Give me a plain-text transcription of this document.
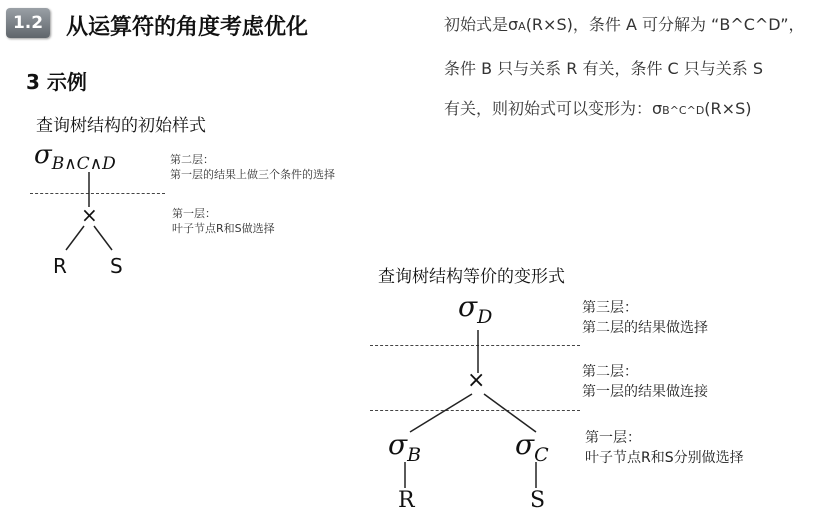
1.2	从运算符的角度考虑优化
3 示例
初始式是σA(R×S)，条件 A 可分解为 “B^C^D”，
条件 B 只与关系 R 有关，条件 C 只与关系 S
有关，则初始式可以变形为：σB^C^D(R×S)
查询树结构的初始样式
$\sigma_{B\wedge C\wedge D}$	第二层：
第一层的结果上做三个条件的选择
第一层：
叶子节点R和S做选择
×
R S	查询树结构等价的变形式
$\sigma_D$	第三层：
第二层的结果做选择
第二层：
第一层的结果做连接
×
第一层：
叶子节点R和S分别做选择
$\sigma_B$	$\sigma_C$
R	S
